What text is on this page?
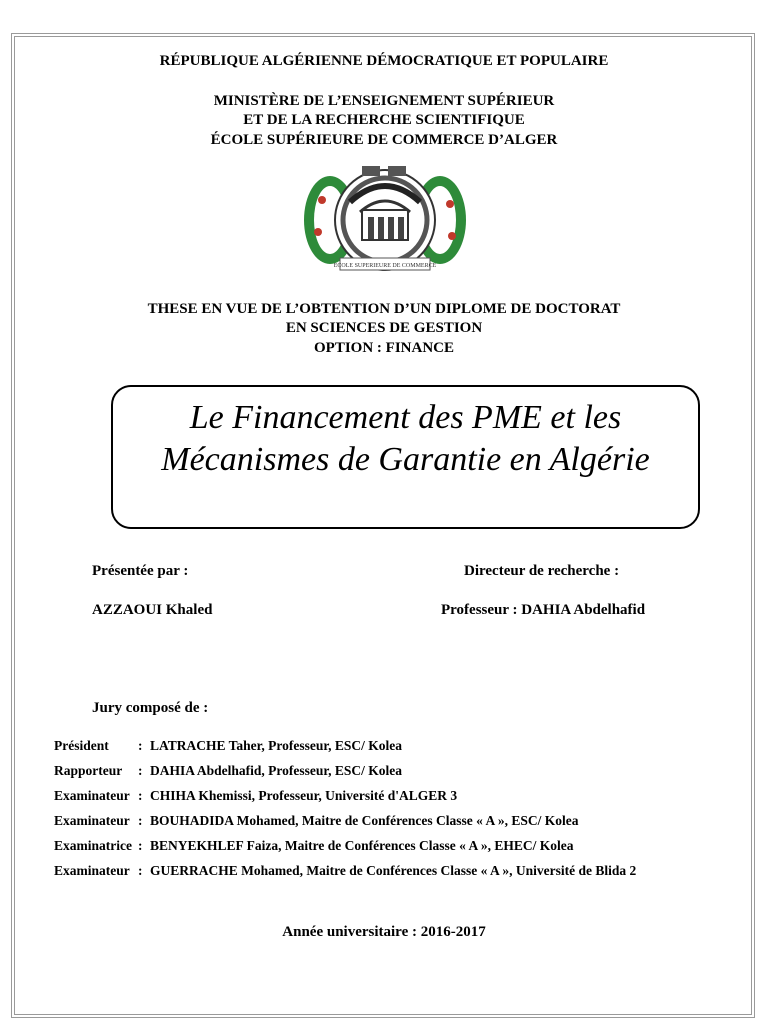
RÉPUBLIQUE ALGÉRIENNE DÉMOCRATIQUE ET POPULAIRE
MINISTÈRE DE L’ENSEIGNEMENT SUPÉRIEUR
ET DE LA RECHERCHE SCIENTIFIQUE
ÉCOLE SUPÉRIEURE DE COMMERCE D’ALGER
ECOLE SUPERIEURE DE COMMERCE
THESE EN VUE DE L’OBTENTION D’UN DIPLOME DE DOCTORAT
EN SCIENCES DE GESTION
OPTION : FINANCE
Le Financement des PME et les
Mécanismes de Garantie en Algérie
Présentée par :
AZZAOUI Khaled
Directeur de recherche :
Professeur : DAHIA Abdelhafid
Jury composé de :
Président : LATRACHE Taher, Professeur, ESC/ Kolea
Rapporteur : DAHIA Abdelhafid, Professeur, ESC/ Kolea
Examinateur : CHIHA Khemissi, Professeur, Université d'ALGER 3
Examinateur : BOUHADIDA Mohamed, Maitre de Conférences Classe « A », ESC/ Kolea
Examinatrice : BENYEKHLEF Faiza, Maitre de Conférences Classe « A », EHEC/ Kolea
Examinateur : GUERRACHE Mohamed, Maitre de Conférences Classe « A », Université de Blida 2
Année universitaire : 2016-2017
